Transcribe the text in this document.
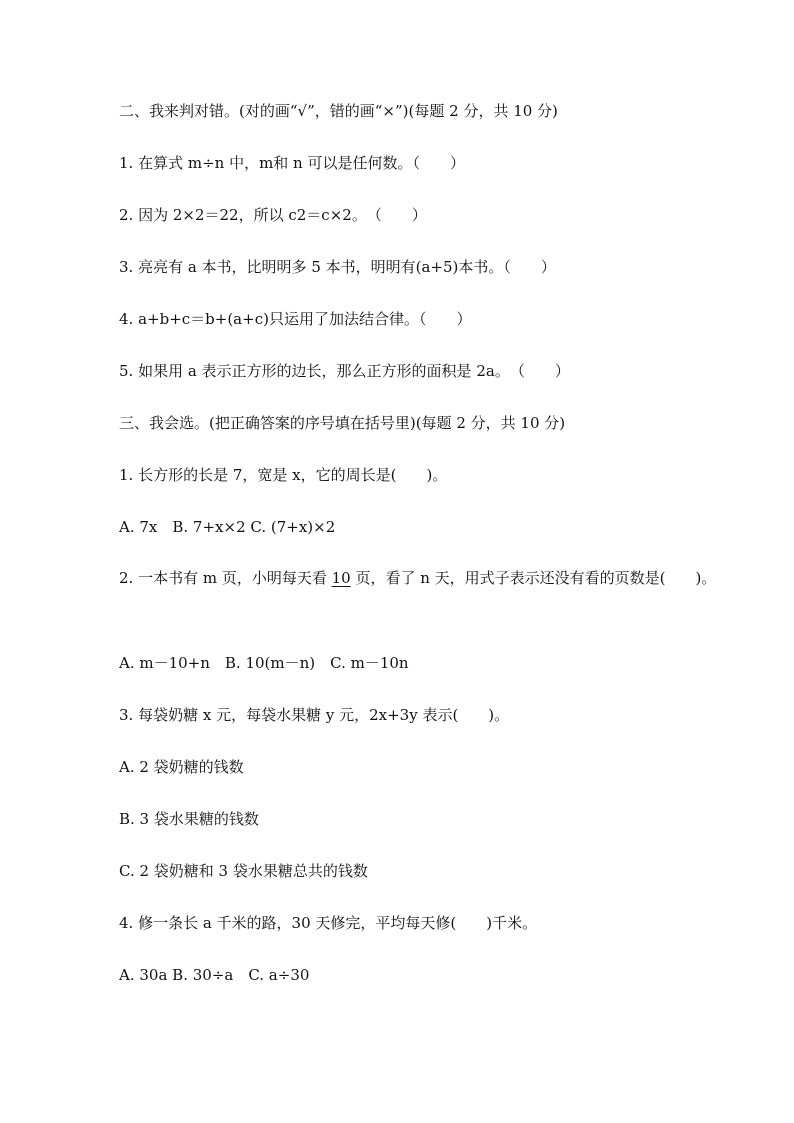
二、我来判对错。(对的画“√”，错的画“×”)(每题 2 分，共 10 分)
1. 在算式 m÷n 中，m和 n 可以是任何数。（　　）
2. 因为 2×2＝22，所以 c2＝c×2。　（　　）
3. 亮亮有 a 本书，比明明多 5 本书，明明有(a+5)本书。（　　）
4. a+b+c＝b+(a+c)只运用了加法结合律。（　　）
5. 如果用 a 表示正方形的边长，那么正方形的面积是 2a。　（　　）
三、我会选。(把正确答案的序号填在括号里)(每题 2 分，共 10 分)
1. 长方形的长是 7，宽是 x，它的周长是(　　)。
A. 7x　B. 7+x×2 C. (7+x)×2
2. 一本书有 m 页，小明每天看 10 页，看了 n 天，用式子表示还没有看的页数是(　　)。
A. m－10+n　B. 10(m－n)　C. m－10n
3. 每袋奶糖 x 元，每袋水果糖 y 元，2x+3y 表示(　　)。
A. 2 袋奶糖的钱数
B. 3 袋水果糖的钱数
C. 2 袋奶糖和 3 袋水果糖总共的钱数
4. 修一条长 a 千米的路，30 天修完，平均每天修(　　)千米。
A. 30a B. 30÷a　C. a÷30
